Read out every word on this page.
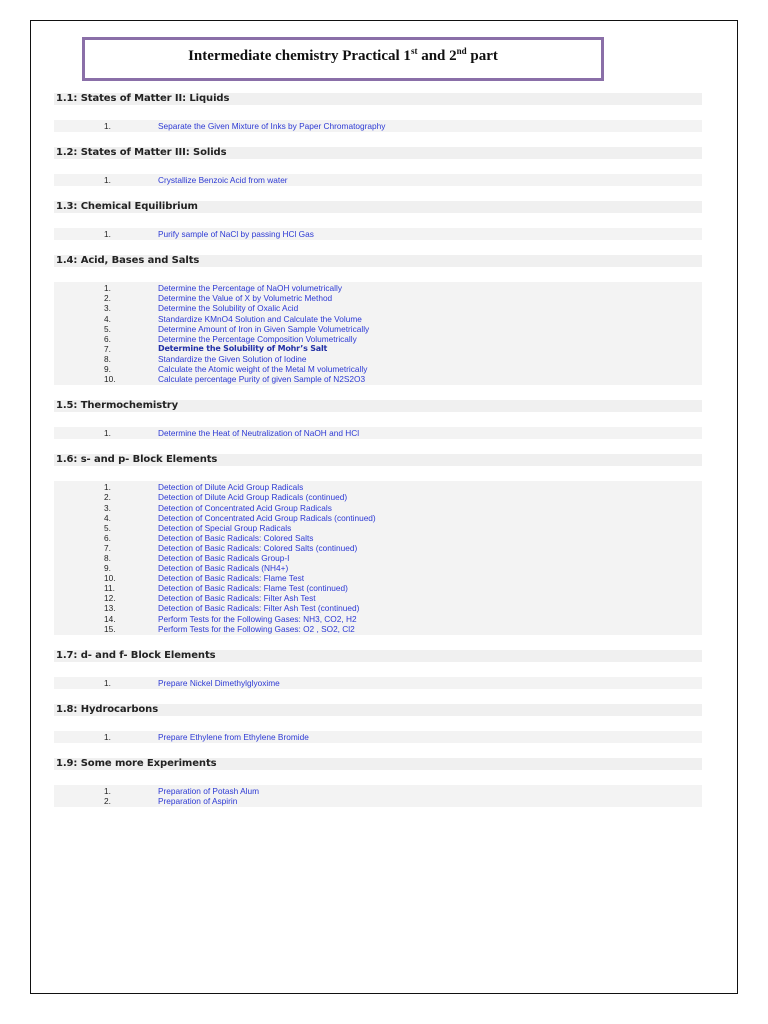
Intermediate chemistry Practical 1st and 2nd part
1.1: States of Matter II: Liquids
1.	Separate the Given Mixture of Inks by Paper Chromatography
1.2: States of Matter III: Solids
1.	Crystallize Benzoic Acid from water
1.3: Chemical Equilibrium
1.	Purify sample of NaCl by passing HCl Gas
1.4: Acid, Bases and Salts
1.	Determine the Percentage of NaOH volumetrically
2.	Determine the Value of X by Volumetric Method
3.	Determine the Solubility of Oxalic Acid
4.	Standardize KMnO4 Solution and Calculate the Volume
5.	Determine Amount of Iron in Given Sample Volumetrically
6.	Determine the Percentage Composition Volumetrically
7.	Determine the Solubility of Mohr’s Salt
8.	Standardize the Given Solution of Iodine
9.	Calculate the Atomic weight of the Metal M volumetrically
10.	Calculate percentage Purity of given Sample of N2S2O3
1.5: Thermochemistry
1.	Determine the Heat of Neutralization of NaOH and HCl
1.6: s- and p- Block Elements
1.	Detection of Dilute Acid Group Radicals
2.	Detection of Dilute Acid Group Radicals (continued)
3.	Detection of Concentrated Acid Group Radicals
4.	Detection of Concentrated Acid Group Radicals (continued)
5.	Detection of Special Group Radicals
6.	Detection of Basic Radicals: Colored Salts
7.	Detection of Basic Radicals: Colored Salts (continued)
8.	Detection of Basic Radicals Group-I
9.	Detection of Basic Radicals (NH4+)
10.	Detection of Basic Radicals: Flame Test
11.	Detection of Basic Radicals: Flame Test (continued)
12.	Detection of Basic Radicals: Filter Ash Test
13.	Detection of Basic Radicals: Filter Ash Test (continued)
14.	Perform Tests for the Following Gases: NH3, CO2, H2
15.	Perform Tests for the Following Gases: O2 , SO2, Cl2
1.7: d- and f- Block Elements
1.	Prepare Nickel Dimethylglyoxime
1.8: Hydrocarbons
1.	Prepare Ethylene from Ethylene Bromide
1.9: Some more Experiments
1.	Preparation of Potash Alum
2.	Preparation of Aspirin
